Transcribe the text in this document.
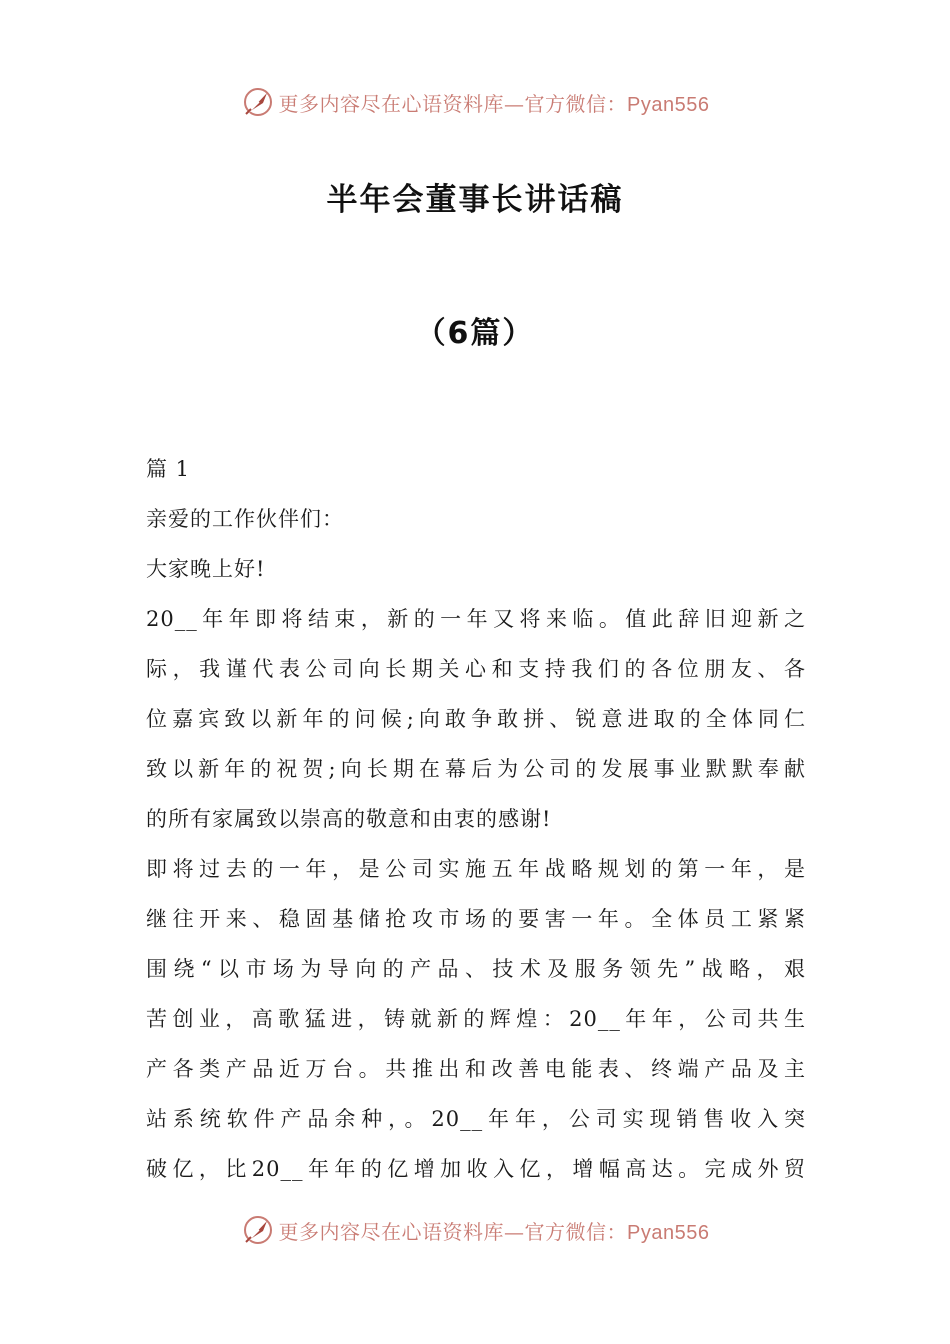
更多内容尽在心语资料库—官方微信：Pyan556
半年会董事长讲话稿
（6篇）
篇 1
亲爱的工作伙伴们：
大家晚上好!
20__年年即将结束，新的一年又将来临。值此辞旧迎新之
际，我谨代表公司向长期关心和支持我们的各位朋友、各
位嘉宾致以新年的问候;向敢争敢拼、锐意进取的全体同仁
致以新年的祝贺;向长期在幕后为公司的发展事业默默奉献
的所有家属致以崇高的敬意和由衷的感谢!
即将过去的一年，是公司实施五年战略规划的第一年，是
继往开来、稳固基储抢攻市场的要害一年。全体员工紧紧
围绕“以市场为导向的产品、技术及服务领先”战略，艰
苦创业，高歌猛进，铸就新的辉煌：20__年年，公司共生
产各类产品近万台。共推出和改善电能表、终端产品及主
站系统软件产品余种，。20__年年，公司实现销售收入突
破亿，比20__年年的亿增加收入亿，增幅高达。完成外贸
更多内容尽在心语资料库—官方微信：Pyan556
